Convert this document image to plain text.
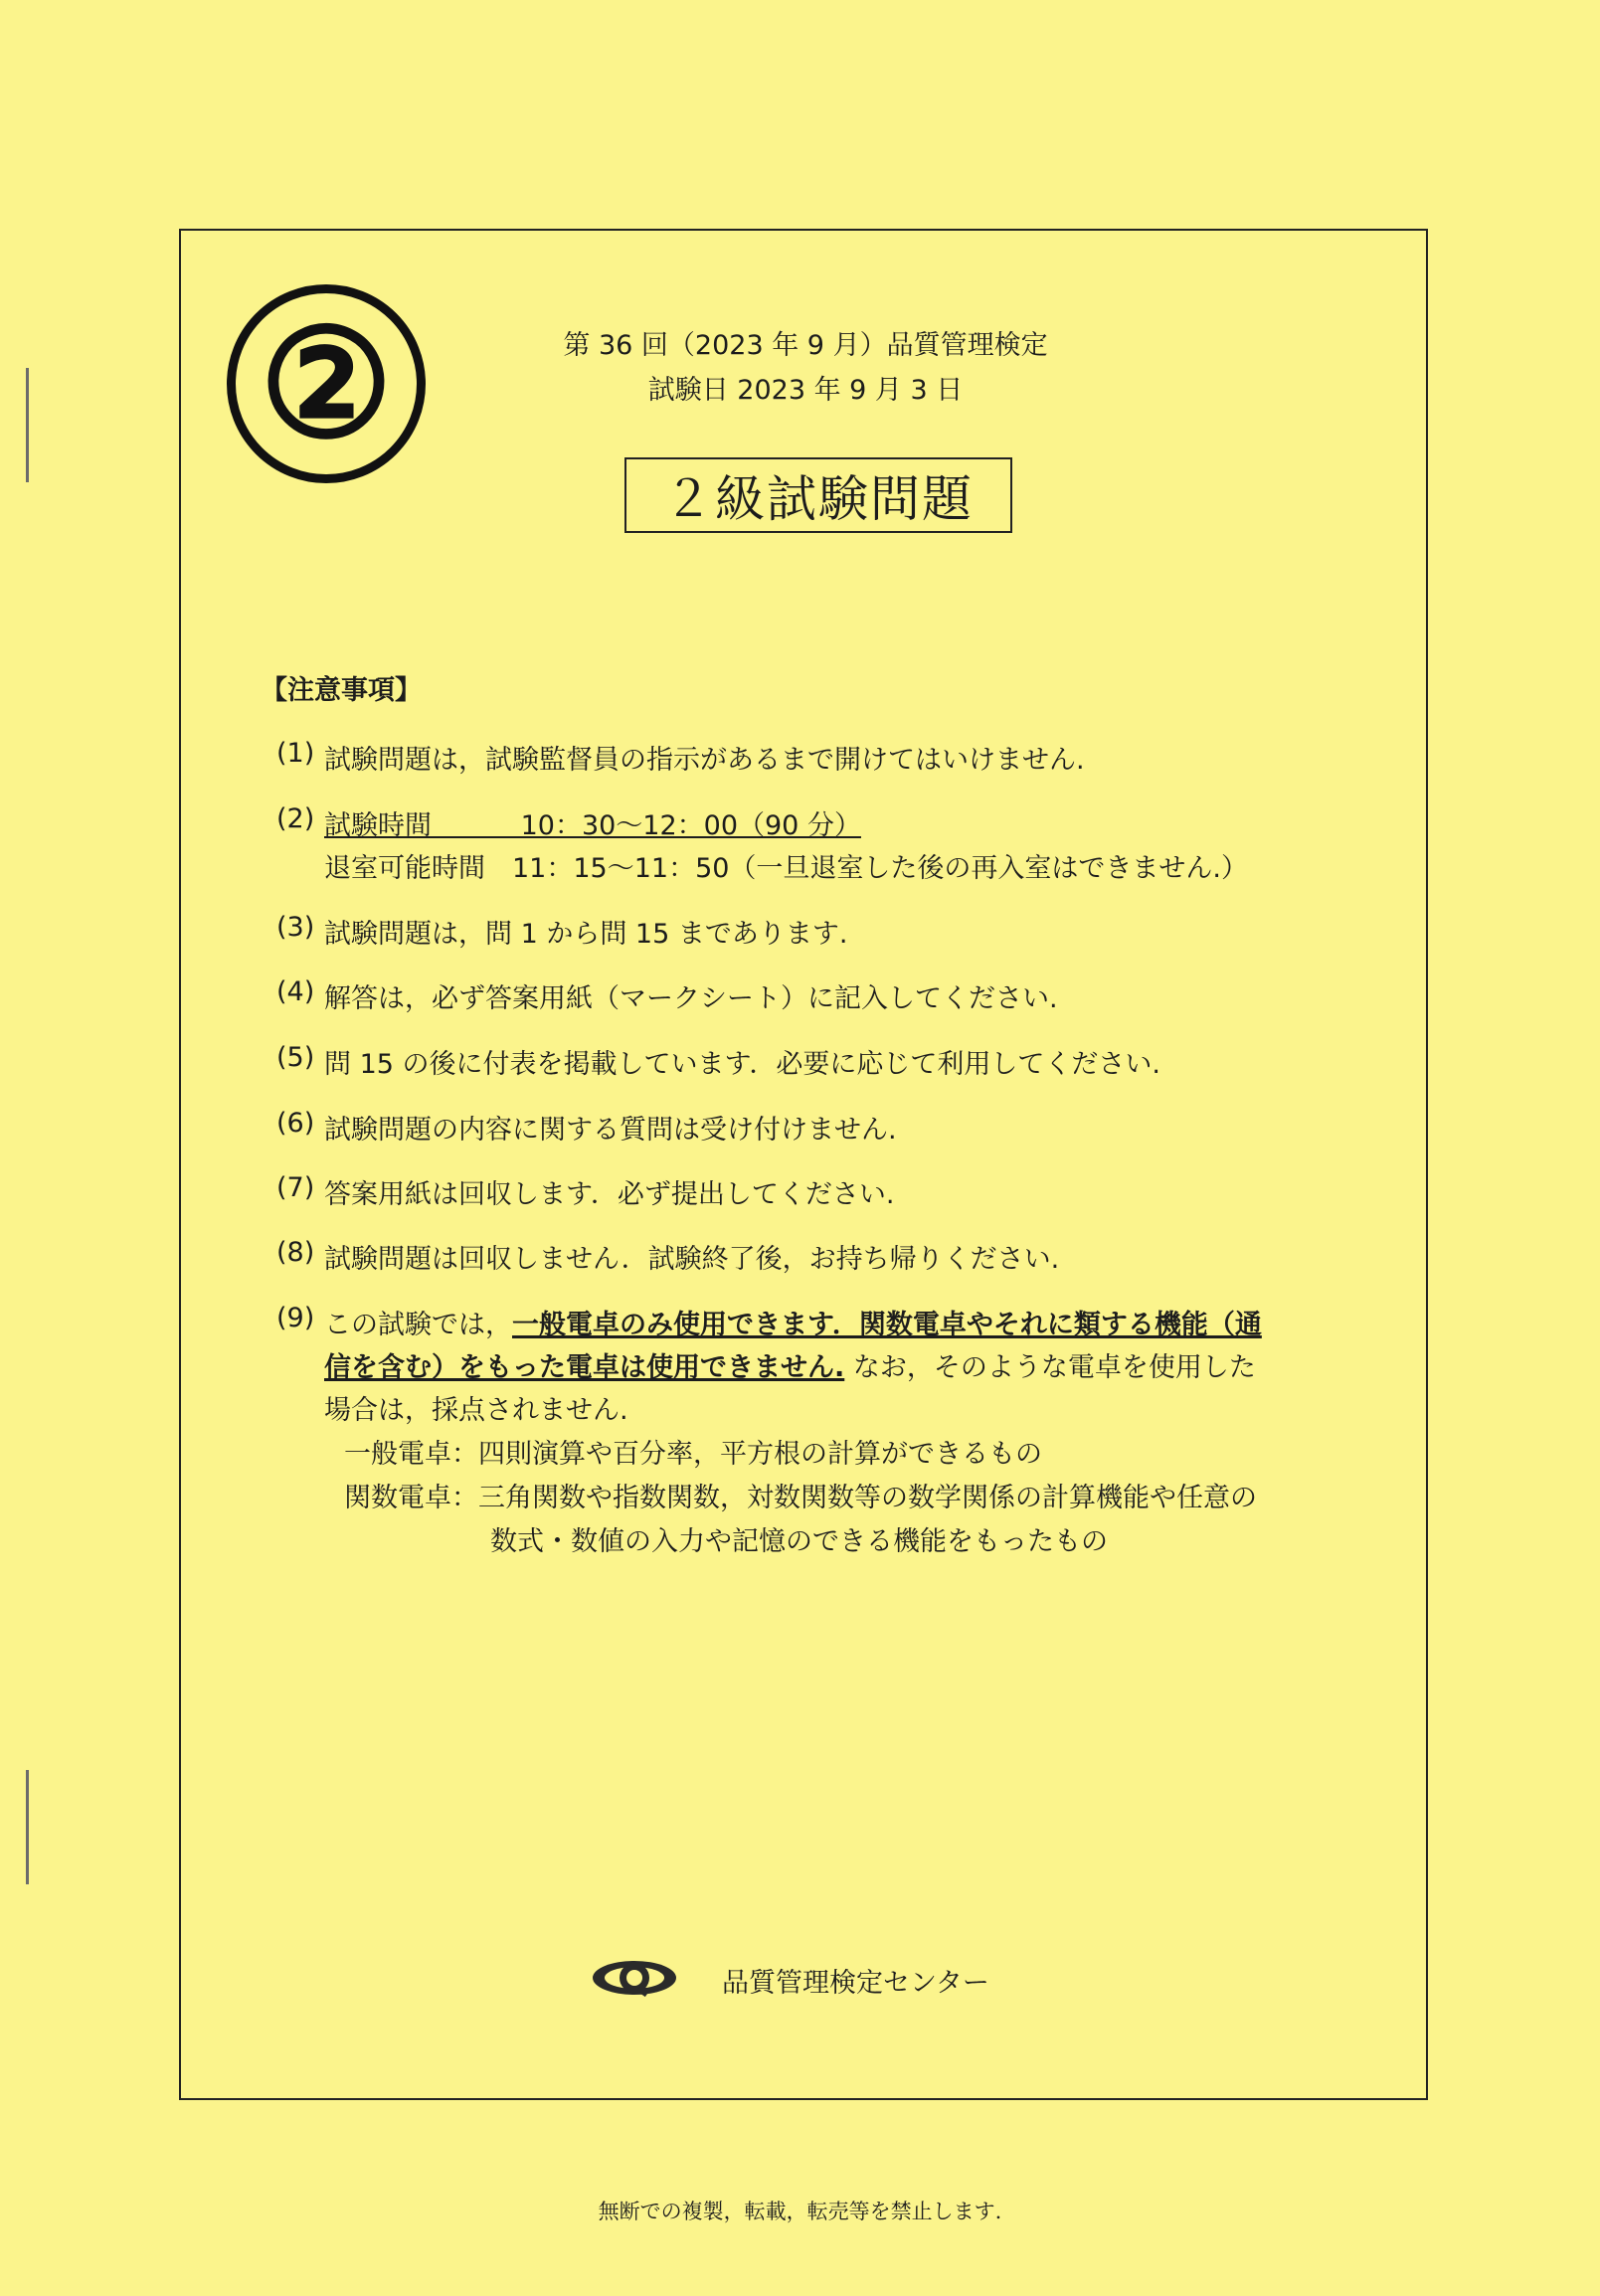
②	第 36 回（2023 年 9 月）品質管理検定
試験日 2023 年 9 月 3 日
２級試験問題
【注意事項】
(1) 試験問題は，試験監督員の指示があるまで開けてはいけません.
(2) 試験時間　　　 10：30〜12：00（90 分）
退室可能時間　11：15〜11：50（一旦退室した後の再入室はできません.）
(3) 試験問題は，問 1 から問 15 まであります.
(4) 解答は，必ず答案用紙（マークシート）に記入してください.
(5) 問 15 の後に付表を掲載しています．必要に応じて利用してください.
(6) 試験問題の内容に関する質問は受け付けません.
(7) 答案用紙は回収します．必ず提出してください.
(8) 試験問題は回収しません．試験終了後，お持ち帰りください.
(9) この試験では，一般電卓のみ使用できます．関数電卓やそれに類する機能（通
信を含む）をもった電卓は使用できません. なお，そのような電卓を使用した
場合は，採点されません.
一般電卓：四則演算や百分率，平方根の計算ができるもの
関数電卓：三角関数や指数関数，対数関数等の数学関係の計算機能や任意の
数式・数値の入力や記憶のできる機能をもったもの
品質管理検定センター
無断での複製，転載，転売等を禁止します.
